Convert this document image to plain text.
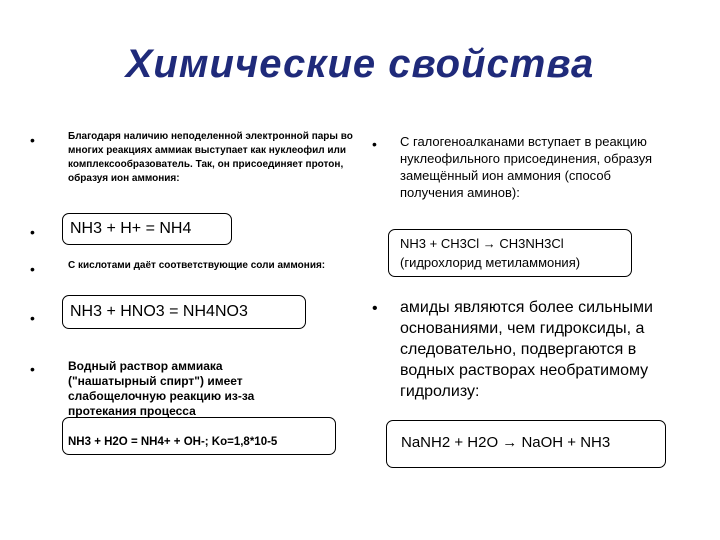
Химические свойства
•	Благодаря наличию неподеленной электронной пары во многих реакциях аммиак выступает как нуклеофил или комплексообразователь. Так, он присоединяет протон, образуя ион аммония:
• NH3 + H+ = NH4
•	С кислотами даёт соответствующие соли аммония:
• NH3 + HNO3 = NH4NO3
•	Водный раствор аммиака ("нашатырный спирт") имеет слабощелочную реакцию из-за протекания процесса
NH3 + H2O = NH4+ + OH-; Ko=1,8*10-5
• С галогеноалканами вступает в реакцию нуклеофильного присоединения, образуя замещённый ион аммония (способ получения аминов):
NH3 + CH3Cl → CH3NH3Cl
(гидрохлорид метиламмония)
• амиды являются более сильными основаниями, чем гидроксиды, а следовательно, подвергаются в водных растворах необратимому гидролизу:
NaNH2 + H2O → NaOH + NH3
